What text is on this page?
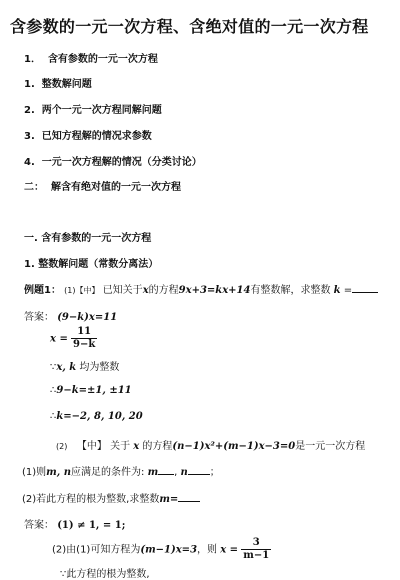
含参数的一元一次方程、含绝对值的一元一次方程
1． 含有参数的一元一次方程
1. 整数解问题
2. 两个一元一次方程同解问题
3. 已知方程解的情况求参数
4. 一元一次方程解的情况（分类讨论）
二： 解含有绝对值的一元一次方程
一. 含有参数的一元一次方程
1. 整数解问题（常数分离法）
例题1： (1)【中】 已知关于x的方程9x+3=kx+14有整数解，求整数 k =
答案： (9−k)x=11
$x = \frac{11}{9-k}$
∵x, k 均为整数
∴9−k=±1, ±11
∴k=−2, 8, 10, 20
(2) 【中】 关于 x 的方程(n−1)x²+(m−1)x−3=0是一元一次方程
(1)则m, n应满足的条件为: m , n ；
(2)若此方程的根为整数,求整数m=
答案： (1) ≠ 1, = 1;
(2)由(1)可知方程为(m−1)x=3，则 $x = \frac{3}{m-1}$
∵此方程的根为整数,
